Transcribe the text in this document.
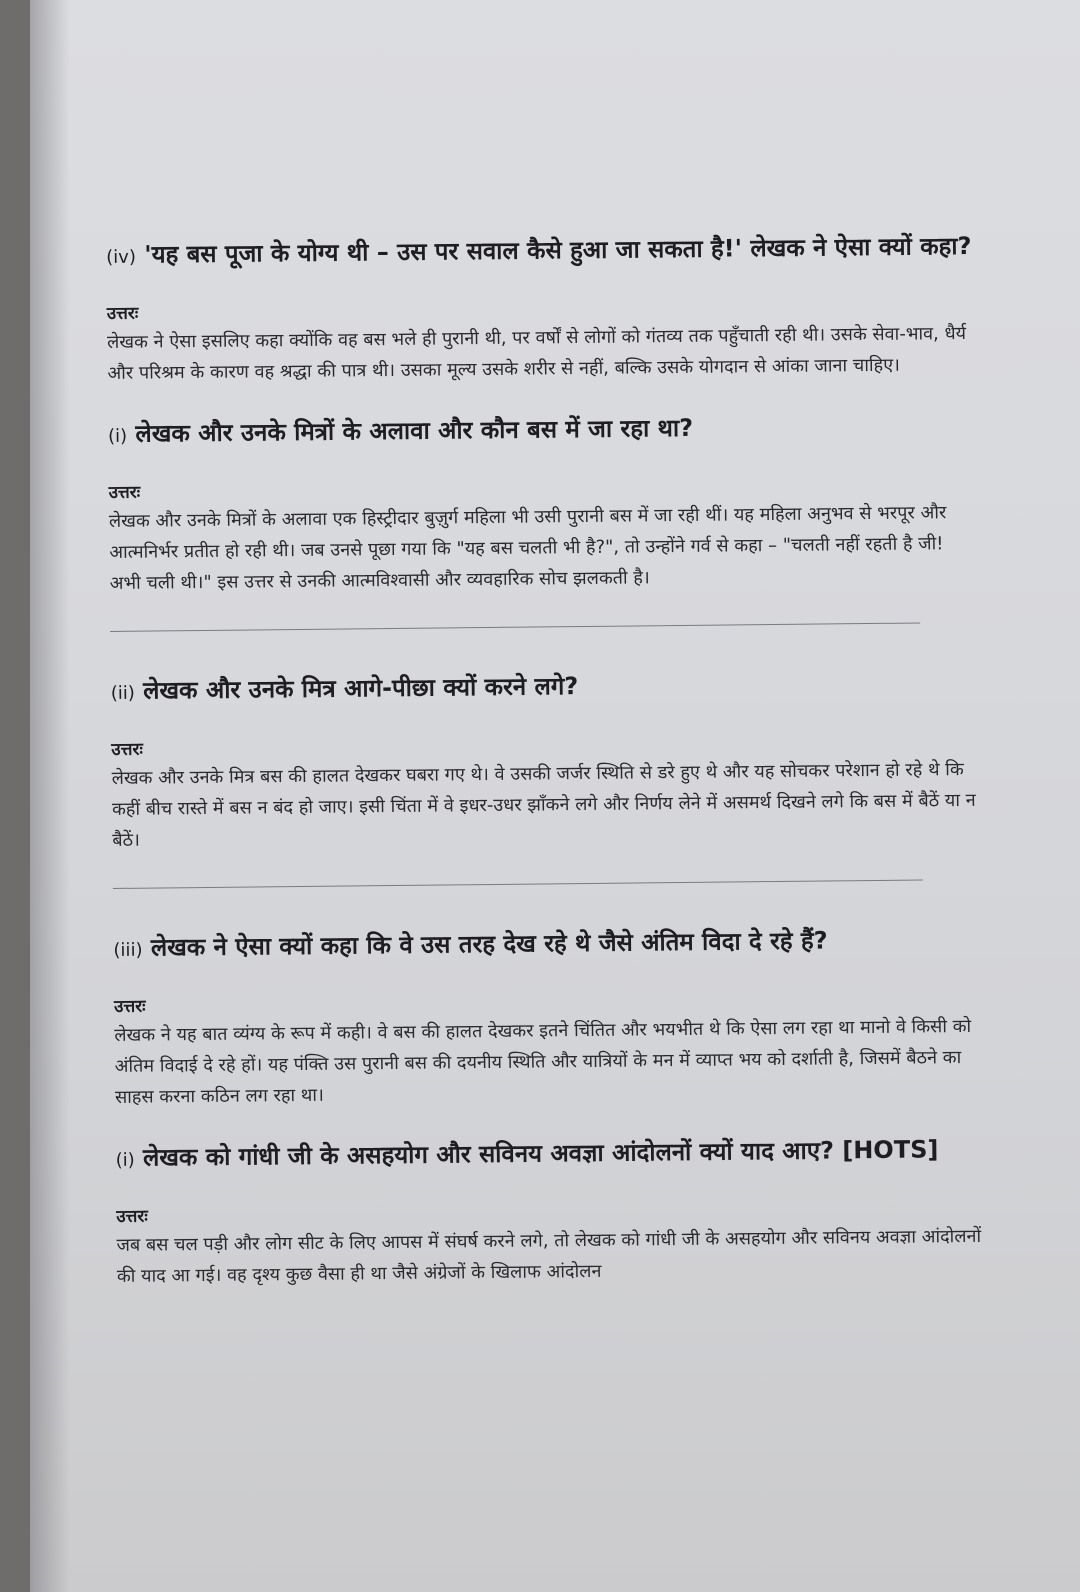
(iv) 'यह बस पूजा के योग्य थी – उस पर सवाल कैसे हुआ जा सकता है!' लेखक ने ऐसा क्यों कहा?

उत्तरः

लेखक ने ऐसा इसलिए कहा क्योंकि वह बस भले ही पुरानी थी, पर वर्षों से लोगों को गंतव्य तक पहुँचाती रही थी। उसके सेवा-भाव, धैर्य और परिश्रम के कारण वह श्रद्धा की पात्र थी। उसका मूल्य उसके शरीर से नहीं, बल्कि उसके योगदान से आंका जाना चाहिए।

(i) लेखक और उनके मित्रों के अलावा और कौन बस में जा रहा था?

उत्तरः

लेखक और उनके मित्रों के अलावा एक हिस्ट्रीदार बुज़ुर्ग महिला भी उसी पुरानी बस में जा रही थीं। यह महिला अनुभव से भरपूर और आत्मनिर्भर प्रतीत हो रही थी। जब उनसे पूछा गया कि "यह बस चलती भी है?", तो उन्होंने गर्व से कहा – "चलती नहीं रहती है जी! अभी चली थी।" इस उत्तर से उनकी आत्मविश्वासी और व्यवहारिक सोच झलकती है।

(ii) लेखक और उनके मित्र आगे-पीछा क्यों करने लगे?

उत्तरः

लेखक और उनके मित्र बस की हालत देखकर घबरा गए थे। वे उसकी जर्जर स्थिति से डरे हुए थे और यह सोचकर परेशान हो रहे थे कि कहीं बीच रास्ते में बस न बंद हो जाए। इसी चिंता में वे इधर-उधर झाँकने लगे और निर्णय लेने में असमर्थ दिखने लगे कि बस में बैठें या न बैठें।

(iii) लेखक ने ऐसा क्यों कहा कि वे उस तरह देख रहे थे जैसे अंतिम विदा दे रहे हैं?

उत्तरः

लेखक ने यह बात व्यंग्य के रूप में कही। वे बस की हालत देखकर इतने चिंतित और भयभीत थे कि ऐसा लग रहा था मानो वे किसी को अंतिम विदाई दे रहे हों। यह पंक्ति उस पुरानी बस की दयनीय स्थिति और यात्रियों के मन में व्याप्त भय को दर्शाती है, जिसमें बैठने का साहस करना कठिन लग रहा था।

(i) लेखक को गांधी जी के असहयोग और सविनय अवज्ञा आंदोलनों क्यों याद आए? [HOTS]

उत्तरः

जब बस चल पड़ी और लोग सीट के लिए आपस में संघर्ष करने लगे, तो लेखक को गांधी जी के असहयोग और सविनय अवज्ञा आंदोलनों की याद आ गई। वह दृश्य कुछ वैसा ही था जैसे अंग्रेजों के खिलाफ आंदोलन
